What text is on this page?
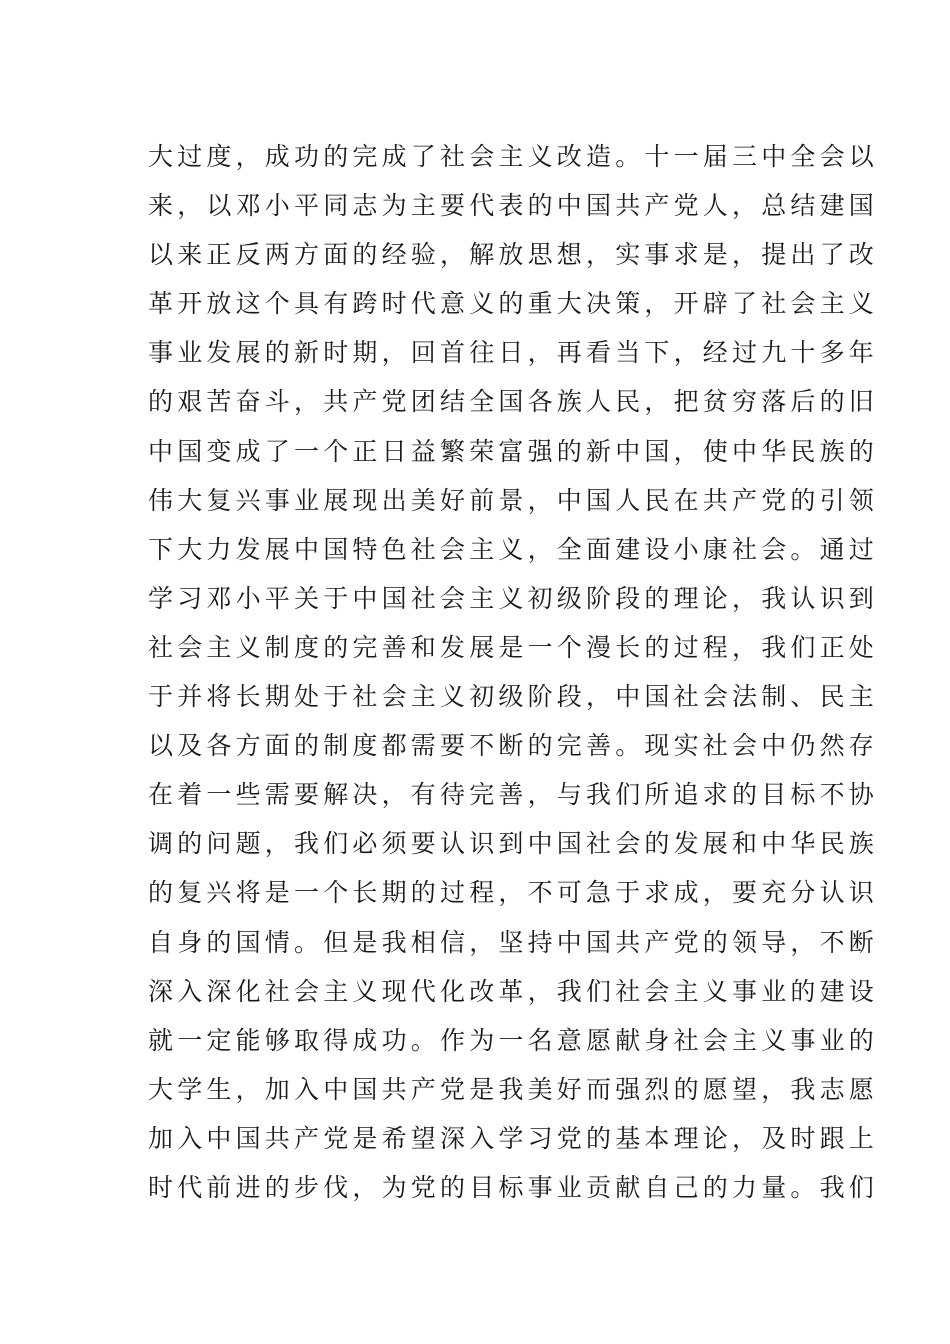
大过度，成功的完成了社会主义改造。十一届三中全会以
来，以邓小平同志为主要代表的中国共产党人，总结建国
以来正反两方面的经验，解放思想，实事求是，提出了改
革开放这个具有跨时代意义的重大决策，开辟了社会主义
事业发展的新时期，回首往日，再看当下，经过九十多年
的艰苦奋斗，共产党团结全国各族人民，把贫穷落后的旧
中国变成了一个正日益繁荣富强的新中国，使中华民族的
伟大复兴事业展现出美好前景，中国人民在共产党的引领
下大力发展中国特色社会主义，全面建设小康社会。通过
学习邓小平关于中国社会主义初级阶段的理论，我认识到
社会主义制度的完善和发展是一个漫长的过程，我们正处
于并将长期处于社会主义初级阶段，中国社会法制、民主
以及各方面的制度都需要不断的完善。现实社会中仍然存
在着一些需要解决，有待完善，与我们所追求的目标不协
调的问题，我们必须要认识到中国社会的发展和中华民族
的复兴将是一个长期的过程，不可急于求成，要充分认识
自身的国情。但是我相信，坚持中国共产党的领导，不断
深入深化社会主义现代化改革，我们社会主义事业的建设
就一定能够取得成功。作为一名意愿献身社会主义事业的
大学生，加入中国共产党是我美好而强烈的愿望，我志愿
加入中国共产党是希望深入学习党的基本理论，及时跟上
时代前进的步伐，为党的目标事业贡献自己的力量。我们
